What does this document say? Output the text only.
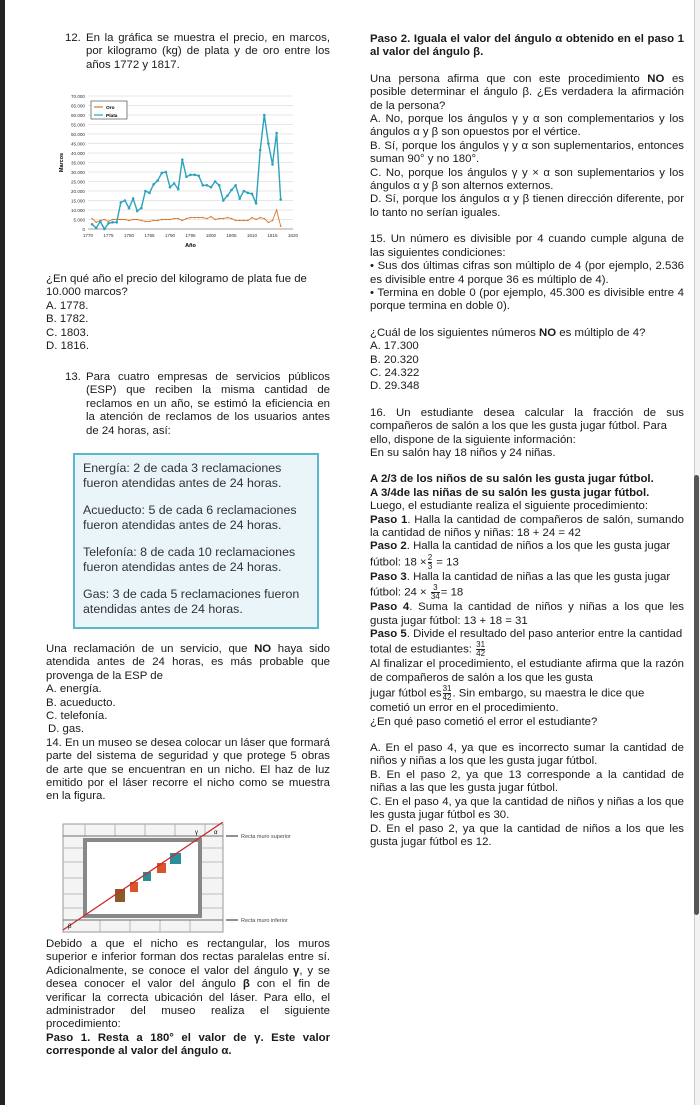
12. En la gráfica se muestra el precio, en marcos, por kilogramo (kg) de plata y de oro entre los años 1772 y 1817.
0
5.000
10.000
15.000
20.000
25.000
30.000
35.000
40.000
45.000
50.000
55.000
60.000
65.000
70.000
1770 1775 1780 1785 1790 1795 1800 1805 1810 1815 1820
Año
Marcos
Oro
Plata

¿En qué año el precio del kilogramo de plata fue de 10.000 marcos?

A. 1778.

B. 1782.

C. 1803.

D. 1816.

13. Para cuatro empresas de servicios públicos (ESP) que reciben la misma cantidad de reclamos en un año, se estimó la eficiencia en la atención de reclamos de los usuarios antes de 24 horas, así:

Energía: 2 de cada 3 reclamaciones fueron atendidas antes de 24 horas.

Acueducto: 5 de cada 6 reclamaciones fueron atendidas antes de 24 horas.

Telefonía: 8 de cada 10 reclamaciones fueron atendidas antes de 24 horas.

Gas: 3 de cada 5 reclamaciones fueron atendidas antes de 24 horas.

Una reclamación de un servicio, que NO haya sido atendida antes de 24 horas, es más probable que provenga de la ESP de

A. energía.

B. acueducto.

C. telefonía.

D. gas.

14. En un museo se desea colocar un láser que formará parte del sistema de seguridad y que protege 5 obras de arte que se encuentran en un nicho. El haz de luz emitido por el láser recorre el nicho como se muestra en la figura.

γ	α
β
Recta muro superior
Recta muro inferior

Debido a que el nicho es rectangular, los muros superior e inferior forman dos rectas paralelas entre sí. Adicionalmente, se conoce el valor del ángulo γ, y se desea conocer el valor del ángulo β con el fin de verificar la correcta ubicación del láser. Para ello, el administrador del museo realiza el siguiente procedimiento:

Paso 1. Resta a 180° el valor de γ. Este valor corresponde al valor del ángulo α.

Paso 2. Iguala el valor del ángulo α obtenido en el paso 1 al valor del ángulo β.

Una persona afirma que con este procedimiento NO es posible determinar el ángulo β. ¿Es verdadera la afirmación de la persona?

A. No, porque los ángulos γ y α son complementarios y los ángulos α y β son opuestos por el vértice.

B. Sí, porque los ángulos γ y α son suplementarios, entonces suman 90° y no 180°.

C. No, porque los ángulos γ y × α son suplementarios y los ángulos α y β son alternos externos.

D. Sí, porque los ángulos α y β tienen dirección diferente, por lo tanto no serían iguales.

15. Un número es divisible por 4 cuando cumple alguna de las siguientes condiciones:

• Sus dos últimas cifras son múltiplo de 4 (por ejemplo, 2.536 es divisible entre 4 porque 36 es múltiplo de 4).

• Termina en doble 0 (por ejemplo, 45.300 es divisible entre 4 porque termina en doble 0).

¿Cuál de los siguientes números NO es múltiplo de 4?

A. 17.300

B. 20.320

C. 24.322

D. 29.348

16. Un estudiante desea calcular la fracción de sus compañeros de salón a los que les gusta jugar fútbol. Para

ello, dispone de la siguiente información:

En su salón hay 18 niños y 24 niñas.

A 2/3 de los niños de su salón les gusta jugar fútbol.

A 3/4de las niñas de su salón les gusta jugar fútbol.

Luego, el estudiante realiza el siguiente procedimiento:

Paso 1. Halla la cantidad de compañeros de salón, sumando la cantidad de niños y niñas: 18 + 24 = 42

Paso 2. Halla la cantidad de niños a los que les gusta jugar fútbol: $18 \times \frac{2}{3} = 13$

Paso 3. Halla la cantidad de niñas a las que les gusta jugar fútbol: $24 \times \frac{3}{34} = 18$

Paso 4. Suma la cantidad de niños y niñas a los que les gusta jugar fútbol: 13 + 18 = 31

Paso 5. Divide el resultado del paso anterior entre la cantidad total de estudiantes: $\frac{31}{42}$

Al finalizar el procedimiento, el estudiante afirma que la razón de compañeros de salón a los que les gusta

jugar fútbol es $\frac{31}{42}$ . Sin embargo, su maestra le dice que cometió un error en el procedimiento.

¿En qué paso cometió el error el estudiante?

A. En el paso 4, ya que es incorrecto sumar la cantidad de niños y niñas a los que les gusta jugar fútbol.

B. En el paso 2, ya que 13 corresponde a la cantidad de niñas a las que les gusta jugar fútbol.

C. En el paso 4, ya que la cantidad de niños y niñas a los que les gusta jugar fútbol es 30.

D. En el paso 2, ya que la cantidad de niños a los que les gusta jugar fútbol es 12.
